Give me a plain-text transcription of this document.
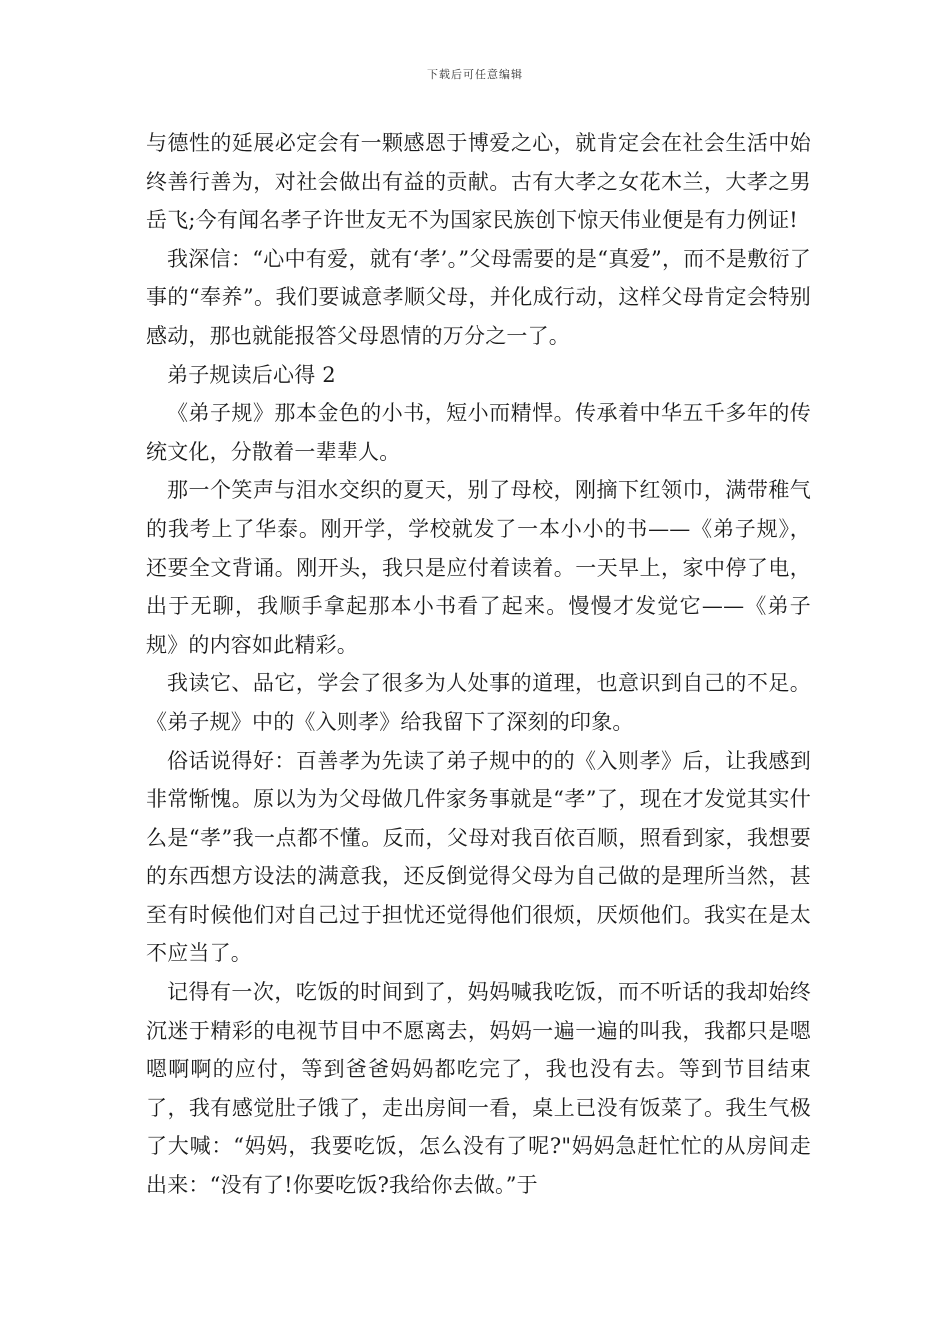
下载后可任意编辑

与德性的延展必定会有一颗感恩于博爱之心，就肯定会在社会生活中始终善行善为，对社会做出有益的贡献。古有大孝之女花木兰，大孝之男岳飞;今有闻名孝子许世友无不为国家民族创下惊天伟业便是有力例证!

我深信：“心中有爱，就有‘孝’。”父母需要的是“真爱”，而不是敷衍了事的“奉养”。我们要诚意孝顺父母，并化成行动，这样父母肯定会特别感动，那也就能报答父母恩情的万分之一了。

弟子规读后心得 2

《弟子规》那本金色的小书，短小而精悍。传承着中华五千多年的传统文化，分散着一辈辈人。

那一个笑声与泪水交织的夏天，别了母校，刚摘下红领巾，满带稚气的我考上了华泰。刚开学，学校就发了一本小小的书——《弟子规》，还要全文背诵。刚开头，我只是应付着读着。一天早上，家中停了电，出于无聊，我顺手拿起那本小书看了起来。慢慢才发觉它——《弟子规》的内容如此精彩。

我读它、品它，学会了很多为人处事的道理，也意识到自己的不足。《弟子规》中的《入则孝》给我留下了深刻的印象。

俗话说得好：百善孝为先读了弟子规中的的《入则孝》后，让我感到非常惭愧。原以为为父母做几件家务事就是“孝”了，现在才发觉其实什么是“孝”我一点都不懂。反而，父母对我百依百顺，照看到家，我想要的东西想方设法的满意我，还反倒觉得父母为自己做的是理所当然，甚至有时候他们对自己过于担忧还觉得他们很烦，厌烦他们。我实在是太不应当了。

记得有一次，吃饭的时间到了，妈妈喊我吃饭，而不听话的我却始终沉迷于精彩的电视节目中不愿离去，妈妈一遍一遍的叫我，我都只是嗯嗯啊啊的应付，等到爸爸妈妈都吃完了，我也没有去。等到节目结束了，我有感觉肚子饿了，走出房间一看，桌上已没有饭菜了。我生气极了大喊：“妈妈，我要吃饭，怎么没有了呢?"妈妈急赶忙忙的从房间走出来：“没有了!你要吃饭?我给你去做。”于
